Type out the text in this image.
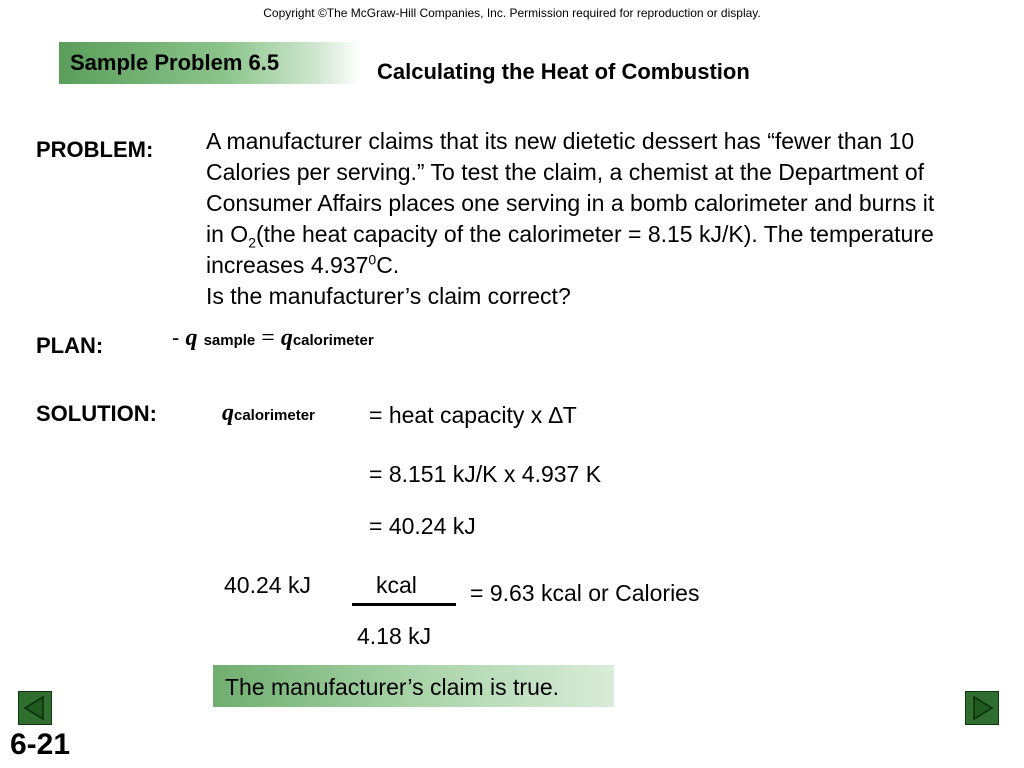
Copyright ©The McGraw-Hill Companies, Inc. Permission required for reproduction or display.
Sample Problem 6.5	Calculating the Heat of Combustion
PROBLEM: A manufacturer claims that its new dietetic dessert has “fewer than 10 Calories per serving.” To test the claim, a chemist at the Department of Consumer Affairs places one serving in a bomb calorimeter and burns it in $O_2(the$ heat capacity of the calorimeter = 8.15 kJ/K). The temperature increases 4.937$^0$C.
Is the manufacturer’s claim correct?
PLAN:	- q sample = qcalorimeter
SOLUTION:	qcalorimeter = heat capacity x ∆T
= 8.151 kJ/K x 4.937 K
= 40.24 kJ
40.24 kJ	kcal
4.18 kJ
= 9.63 kcal or Calories
The manufacturer’s claim is true.
6-21
